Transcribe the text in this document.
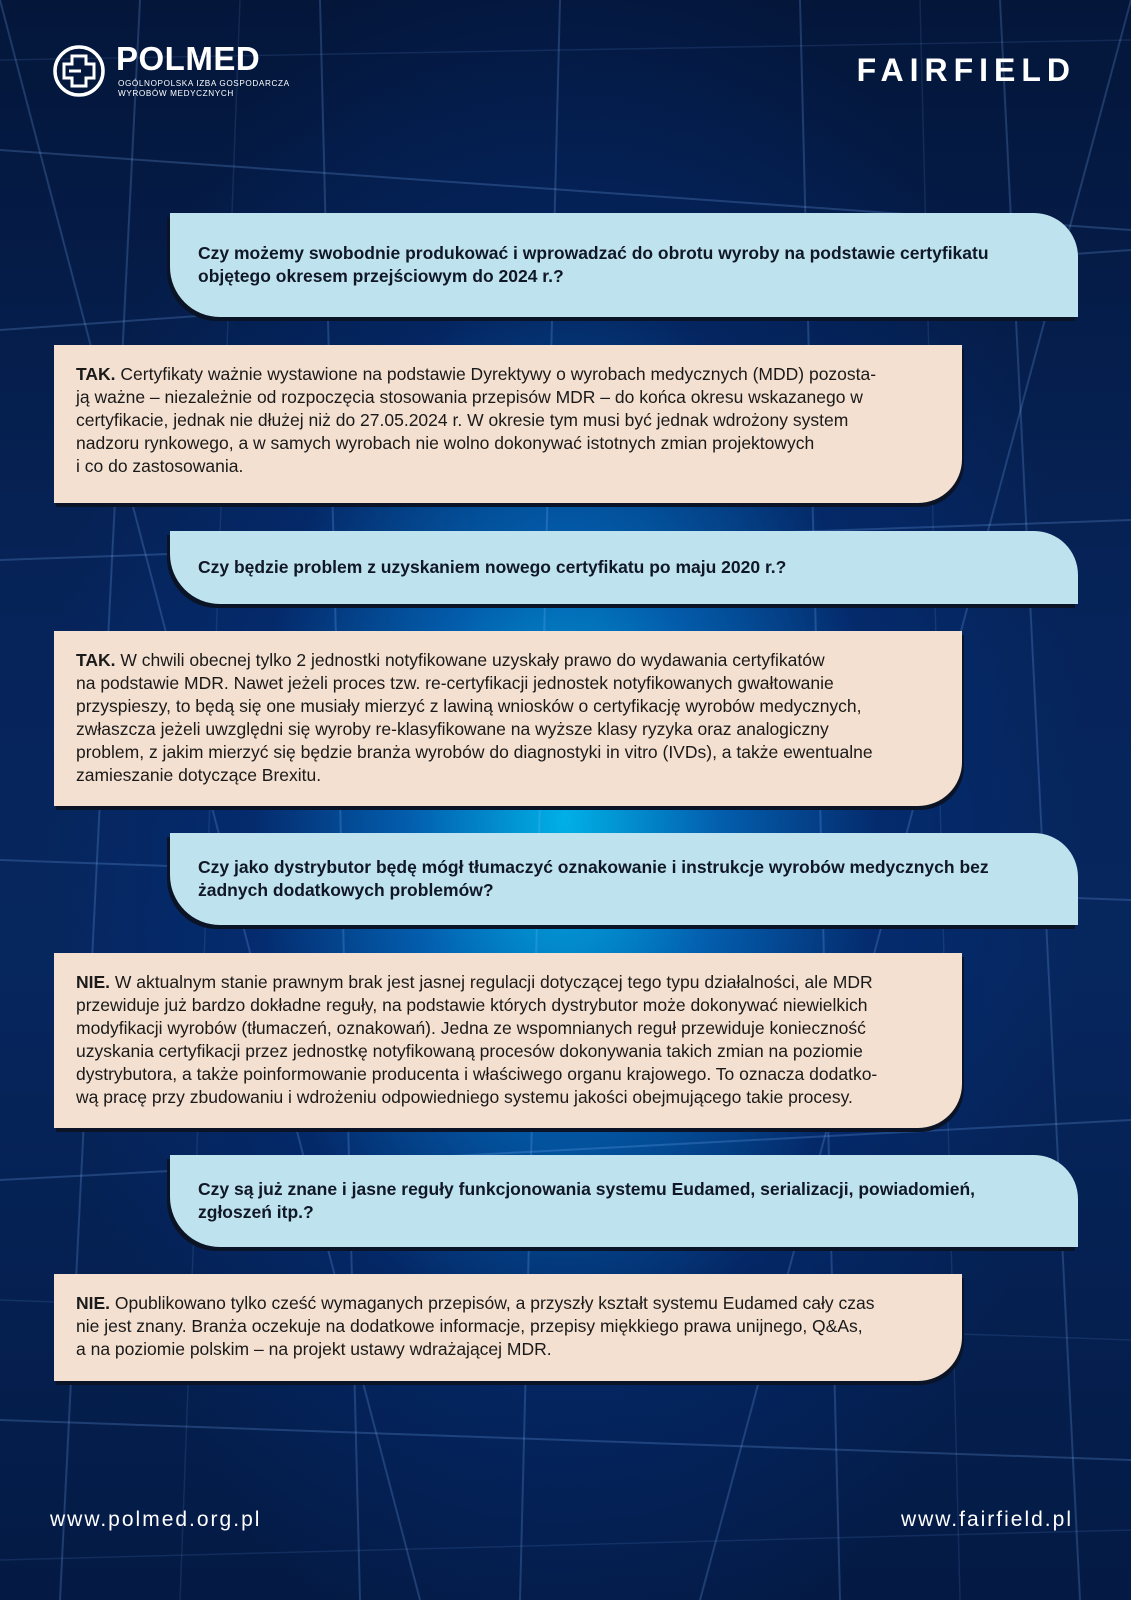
POLMED
OGÓLNOPOLSKA IZBA GOSPODARCZA
WYROBÓW MEDYCZNYCH
FAIRFIELD
Czy możemy swobodnie produkować i wprowadzać do obrotu wyroby na podstawie certyfikatu
objętego okresem przejściowym do 2024 r.?
TAK. Certyfikaty ważnie wystawione na podstawie Dyrektywy o wyrobach medycznych (MDD) pozosta-
ją ważne – niezależnie od rozpoczęcia stosowania przepisów MDR – do końca okresu wskazanego w
certyfikacie, jednak nie dłużej niż do 27.05.2024 r. W okresie tym musi być jednak wdrożony system
nadzoru rynkowego, a w samych wyrobach nie wolno dokonywać istotnych zmian projektowych
i co do zastosowania.
Czy będzie problem z uzyskaniem nowego certyfikatu po maju 2020 r.?
TAK. W chwili obecnej tylko 2 jednostki notyfikowane uzyskały prawo do wydawania certyfikatów
na podstawie MDR. Nawet jeżeli proces tzw. re-certyfikacji jednostek notyfikowanych gwałtowanie
przyspieszy, to będą się one musiały mierzyć z lawiną wniosków o certyfikację wyrobów medycznych,
zwłaszcza jeżeli uwzględni się wyroby re-klasyfikowane na wyższe klasy ryzyka oraz analogiczny
problem, z jakim mierzyć się będzie branża wyrobów do diagnostyki in vitro (IVDs), a także ewentualne
zamieszanie dotyczące Brexitu.
Czy jako dystrybutor będę mógł tłumaczyć oznakowanie i instrukcje wyrobów medycznych bez
żadnych dodatkowych problemów?
NIE. W aktualnym stanie prawnym brak jest jasnej regulacji dotyczącej tego typu działalności, ale MDR
przewiduje już bardzo dokładne reguły, na podstawie których dystrybutor może dokonywać niewielkich
modyfikacji wyrobów (tłumaczeń, oznakowań). Jedna ze wspomnianych reguł przewiduje konieczność
uzyskania certyfikacji przez jednostkę notyfikowaną procesów dokonywania takich zmian na poziomie
dystrybutora, a także poinformowanie producenta i właściwego organu krajowego. To oznacza dodatko-
wą pracę przy zbudowaniu i wdrożeniu odpowiedniego systemu jakości obejmującego takie procesy.
Czy są już znane i jasne reguły funkcjonowania systemu Eudamed, serializacji, powiadomień,
zgłoszeń itp.?
NIE. Opublikowano tylko cześć wymaganych przepisów, a przyszły kształt systemu Eudamed cały czas
nie jest znany. Branża oczekuje na dodatkowe informacje, przepisy miękkiego prawa unijnego, Q&As,
a na poziomie polskim – na projekt ustawy wdrażającej MDR.
www.polmed.org.pl	www.fairfield.pl
